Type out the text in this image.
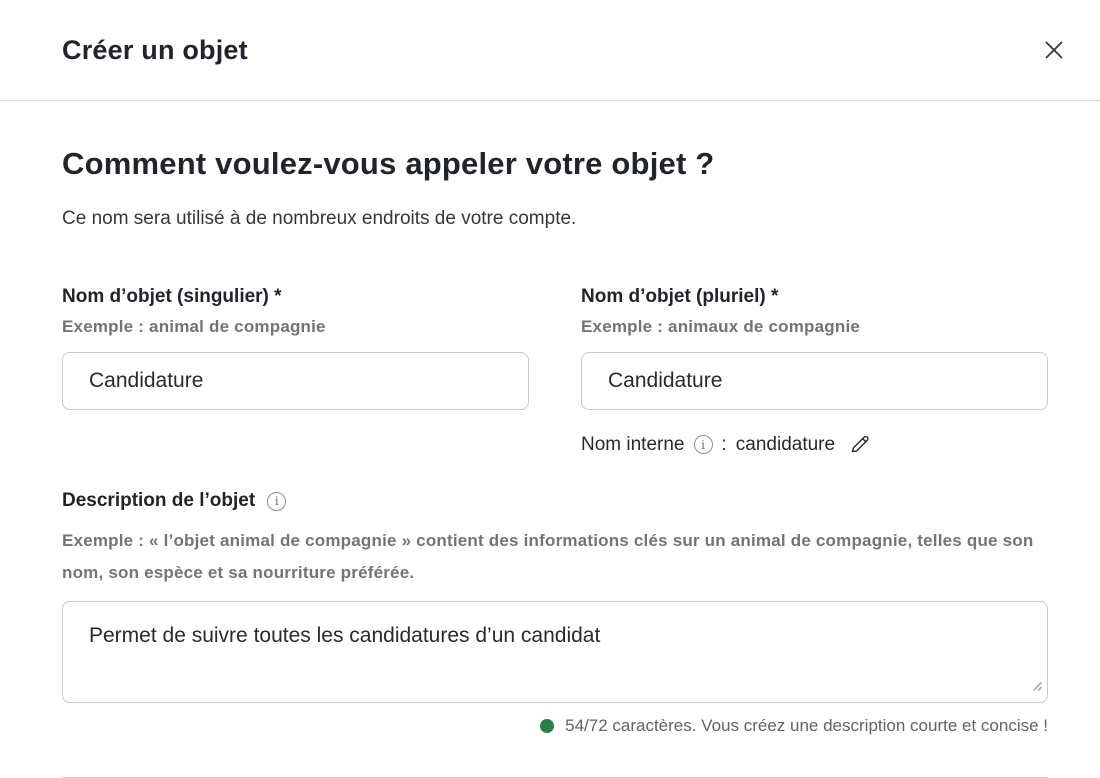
Créer un objet
Comment voulez-vous appeler votre objet ?

Ce nom sera utilisé à de nombreux endroits de votre compte.

Nom d’objet (singulier) *

Exemple : animal de compagnie

Candidature
Nom d’objet (pluriel) *

Exemple : animaux de compagnie

Candidature
Nom interne i : candidature
Description de l’objet i

Exemple : « l’objet animal de compagnie » contient des informations clés sur un animal de compagnie, telles que son nom, son espèce et sa nourriture préférée.

Permet de suivre toutes les candidatures d’un candidat
54/72 caractères. Vous créez une description courte et concise !
